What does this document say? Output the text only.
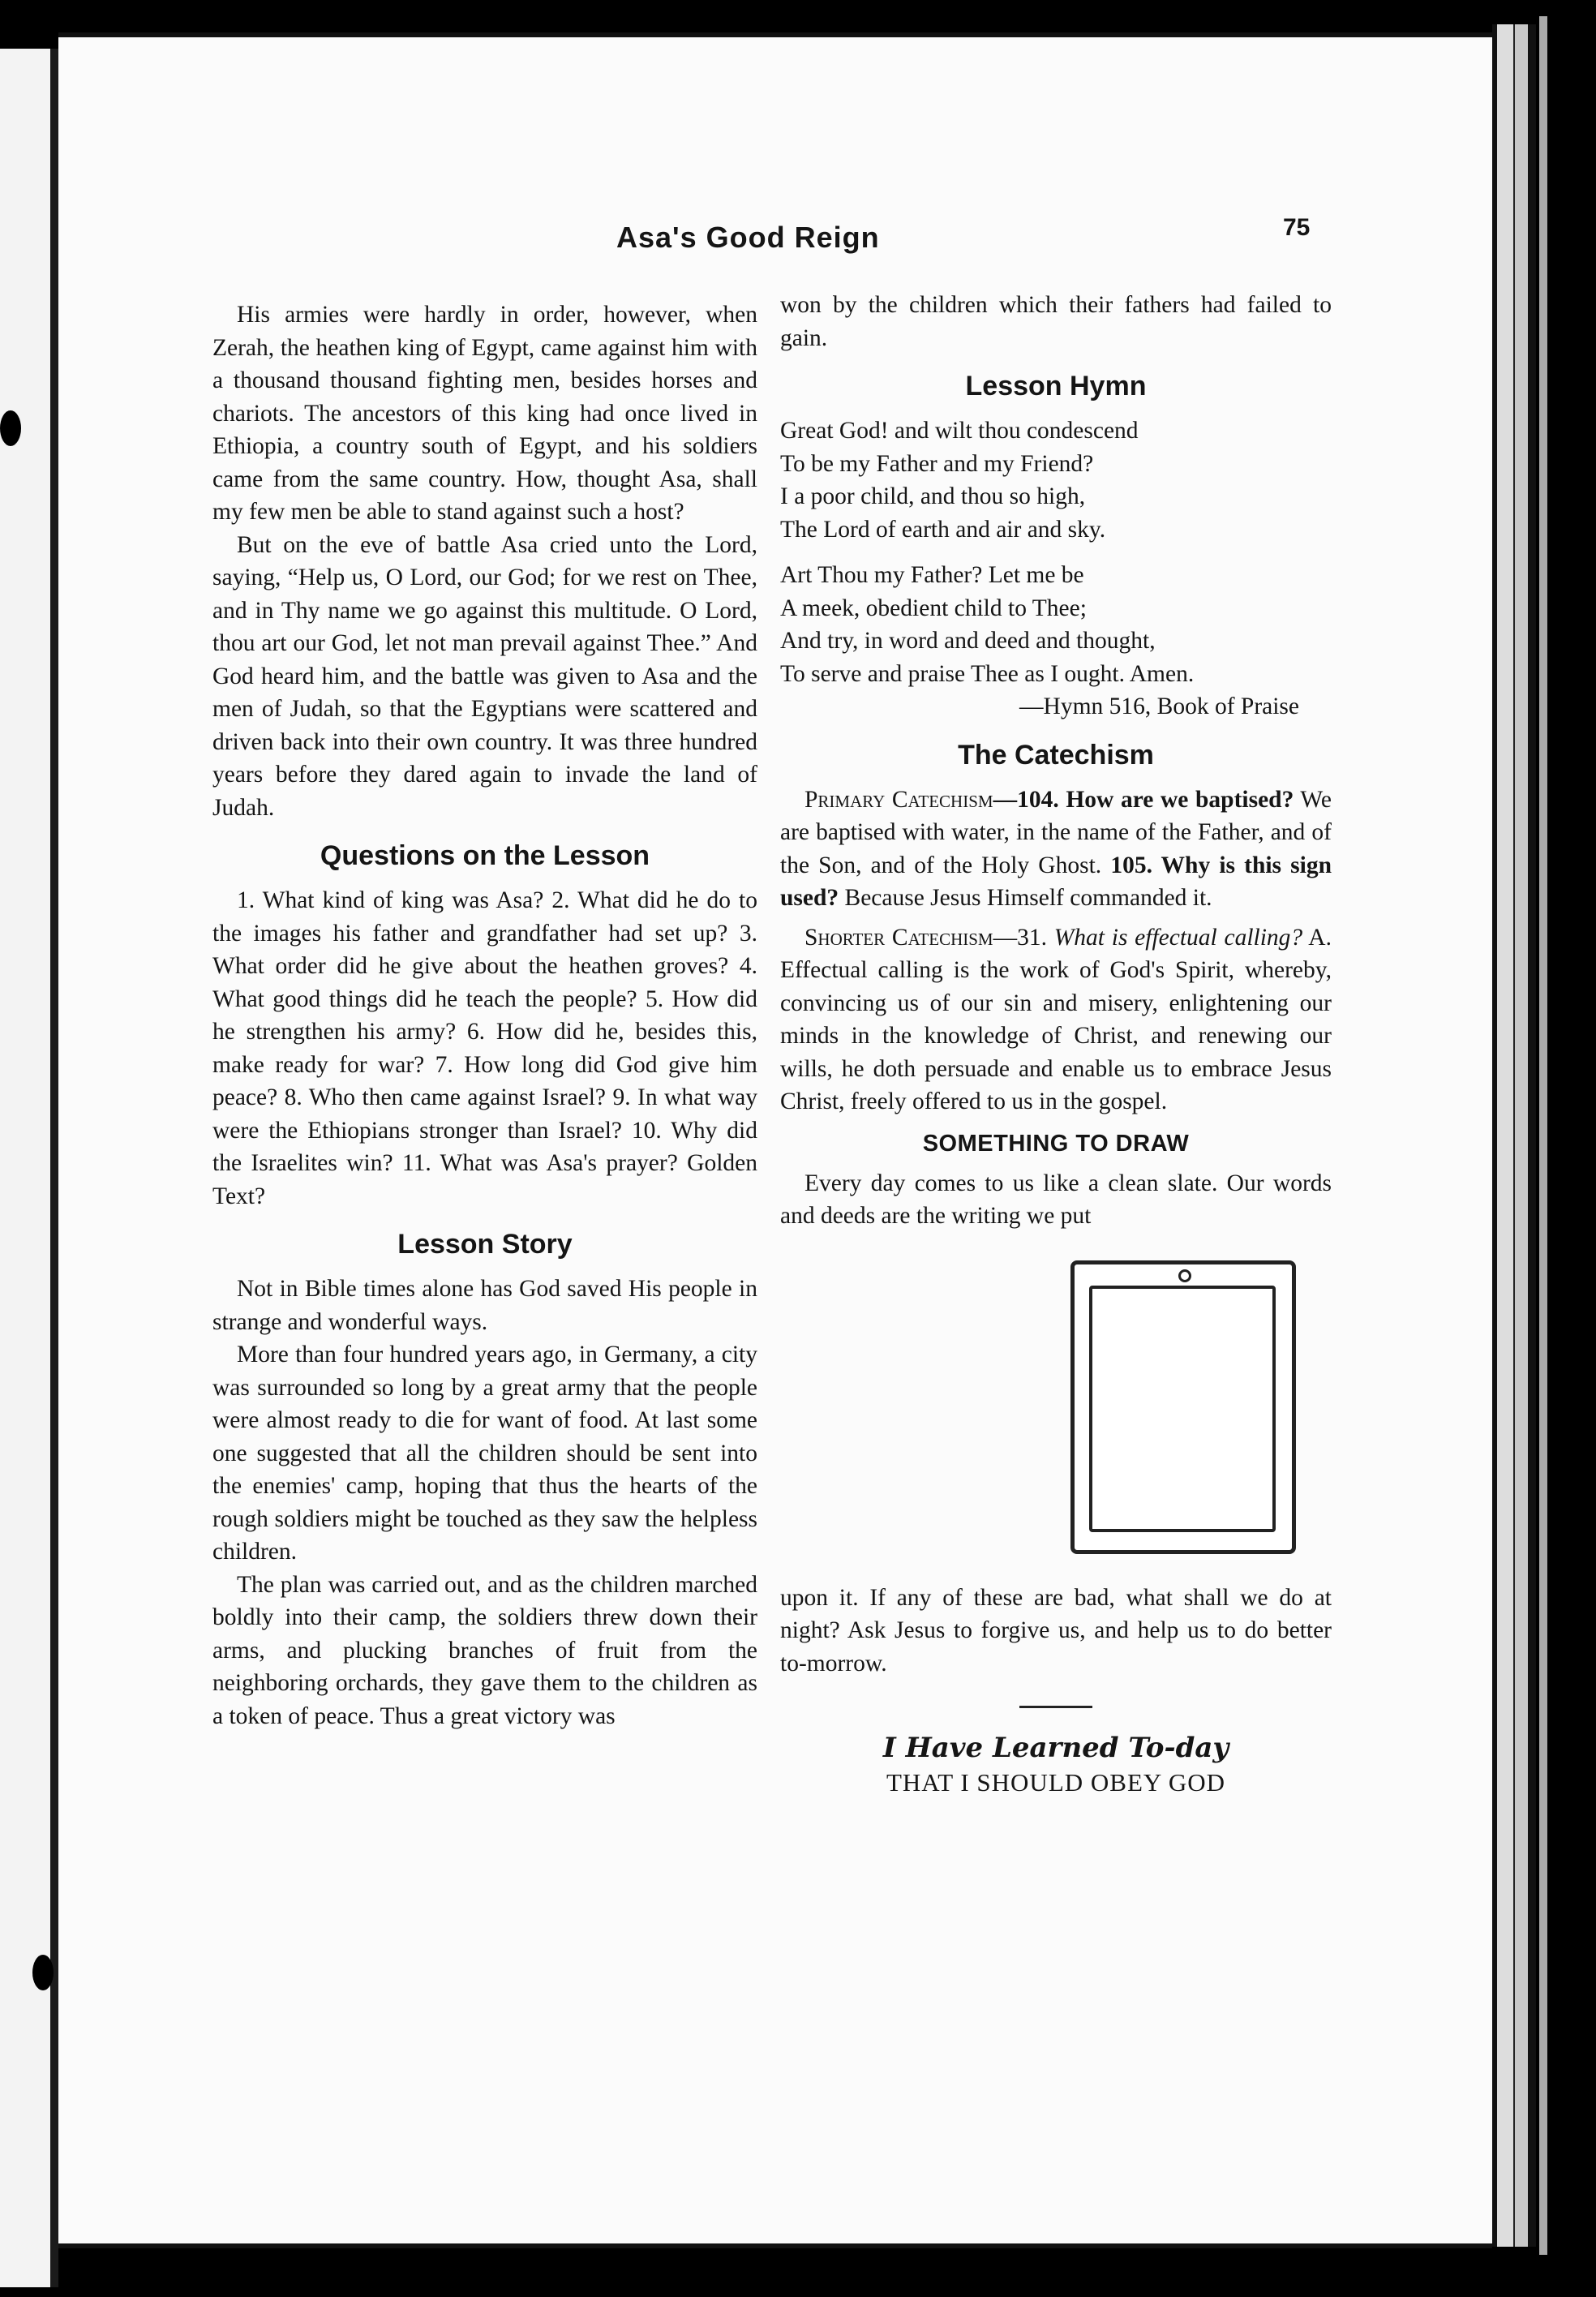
Asa's Good Reign	75

His armies were hardly in order, however, when Zerah, the heathen king of Egypt, came against him with a thousand thousand fighting men, besides horses and chariots. The ancestors of this king had once lived in Ethiopia, a country south of Egypt, and his soldiers came from the same country. How, thought Asa, shall my few men be able to stand against such a host?

But on the eve of battle Asa cried unto the Lord, saying, “Help us, O Lord, our God; for we rest on Thee, and in Thy name we go against this multitude. O Lord, thou art our God, let not man prevail against Thee.” And God heard him, and the battle was given to Asa and the men of Judah, so that the Egyptians were scattered and driven back into their own country. It was three hundred years before they dared again to invade the land of Judah.

Questions on the Lesson

1. What kind of king was Asa? 2. What did he do to the images his father and grandfather had set up? 3. What order did he give about the heathen groves? 4. What good things did he teach the people? 5. How did he strengthen his army? 6. How did he, besides this, make ready for war? 7. How long did God give him peace? 8. Who then came against Israel? 9. In what way were the Ethiopians stronger than Israel? 10. Why did the Israelites win? 11. What was Asa's prayer? Golden Text?

Lesson Story

Not in Bible times alone has God saved His people in strange and wonderful ways.

More than four hundred years ago, in Germany, a city was surrounded so long by a great army that the people were almost ready to die for want of food. At last some one suggested that all the children should be sent into the enemies' camp, hoping that thus the hearts of the rough soldiers might be touched as they saw the helpless children.

The plan was carried out, and as the children marched boldly into their camp, the soldiers threw down their arms, and plucking branches of fruit from the neighboring orchards, they gave them to the children as a token of peace. Thus a great victory was

won by the children which their fathers had failed to gain.

Lesson Hymn

Great God! and wilt thou condescend

To be my Father and my Friend?

I a poor child, and thou so high,

The Lord of earth and air and sky.

Art Thou my Father? Let me be

A meek, obedient child to Thee;

And try, in word and deed and thought,

To serve and praise Thee as I ought. Amen.

—Hymn 516, Book of Praise

The Catechism

Primary Catechism—104. How are we baptised? We are baptised with water, in the name of the Father, and of the Son, and of the Holy Ghost. 105. Why is this sign used? Because Jesus Himself commanded it.

Shorter Catechism—31. What is effectual calling? A. Effectual calling is the work of God's Spirit, whereby, convincing us of our sin and misery, enlightening our minds in the knowledge of Christ, and renewing our wills, he doth persuade and enable us to embrace Jesus Christ, freely offered to us in the gospel.

SOMETHING TO DRAW

Every day comes to us like a clean slate. Our words and deeds are the writing we put

upon it. If any of these are bad, what shall we do at night? Ask Jesus to forgive us, and help us to do better to-morrow.

I Have Learned To-day
THAT I SHOULD OBEY GOD
